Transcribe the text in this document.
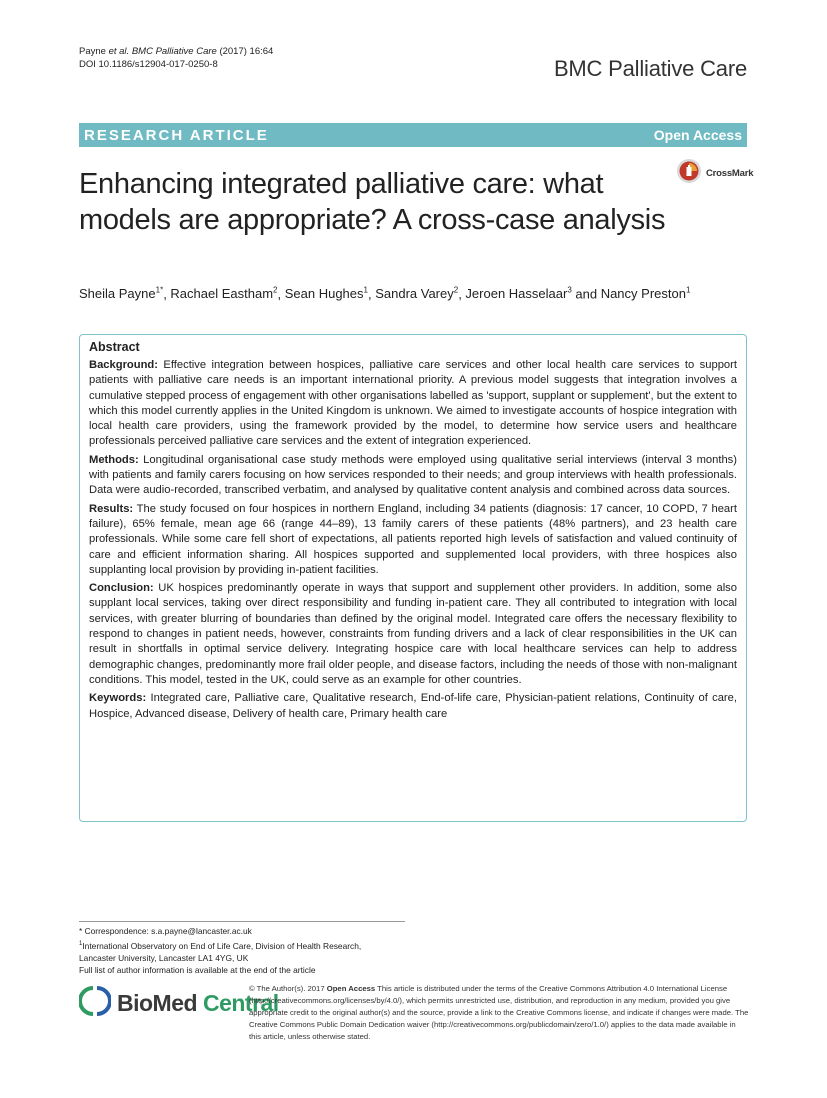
Payne et al. BMC Palliative Care (2017) 16:64
DOI 10.1186/s12904-017-0250-8	BMC Palliative Care
RESEARCH ARTICLE	Open Access
CrossMark
Enhancing integrated palliative care: what models are appropriate? A cross-case analysis
Sheila Payne$^{1*}$, Rachael Eastham$^2$, Sean Hughes$^1$, Sandra Varey$^2$, Jeroen Hasselaar$^3$ and Nancy Preston$^1$
Abstract
Background: Effective integration between hospices, palliative care services and other local health care services to support patients with palliative care needs is an important international priority. A previous model suggests that integration involves a cumulative stepped process of engagement with other organisations labelled as 'support, supplant or supplement', but the extent to which this model currently applies in the United Kingdom is unknown. We aimed to investigate accounts of hospice integration with local health care providers, using the framework provided by the model, to determine how service users and healthcare professionals perceived palliative care services and the extent of integration experienced.
Methods: Longitudinal organisational case study methods were employed using qualitative serial interviews (interval 3 months) with patients and family carers focusing on how services responded to their needs; and group interviews with health professionals. Data were audio-recorded, transcribed verbatim, and analysed by qualitative content analysis and combined across data sources.
Results: The study focused on four hospices in northern England, including 34 patients (diagnosis: 17 cancer, 10 COPD, 7 heart failure), 65% female, mean age 66 (range 44–89), 13 family carers of these patients (48% partners), and 23 health care professionals. While some care fell short of expectations, all patients reported high levels of satisfaction and valued continuity of care and efficient information sharing. All hospices supported and supplemented local providers, with three hospices also supplanting local provision by providing in-patient facilities.
Conclusion: UK hospices predominantly operate in ways that support and supplement other providers. In addition, some also supplant local services, taking over direct responsibility and funding in-patient care. They all contributed to integration with local services, with greater blurring of boundaries than defined by the original model. Integrated care offers the necessary flexibility to respond to changes in patient needs, however, constraints from funding drivers and a lack of clear responsibilities in the UK can result in shortfalls in optimal service delivery. Integrating hospice care with local healthcare services can help to address demographic changes, predominantly more frail older people, and disease factors, including the needs of those with non-malignant conditions. This model, tested in the UK, could serve as an example for other countries.
Keywords: Integrated care, Palliative care, Qualitative research, End-of-life care, Physician-patient relations, Continuity of care, Hospice, Advanced disease, Delivery of health care, Primary health care
* Correspondence: s.a.payne@lancaster.ac.uk
$^1$International Observatory on End of Life Care, Division of Health Research,
Lancaster University, Lancaster LA1 4YG, UK
Full list of author information is available at the end of the article
BioMed Central
© The Author(s). 2017 Open Access This article is distributed under the terms of the Creative Commons Attribution 4.0 International License (http://creativecommons.org/licenses/by/4.0/), which permits unrestricted use, distribution, and reproduction in any medium, provided you give appropriate credit to the original author(s) and the source, provide a link to the Creative Commons license, and indicate if changes were made. The Creative Commons Public Domain Dedication waiver (http://creativecommons.org/publicdomain/zero/1.0/) applies to the data made available in this article, unless otherwise stated.
